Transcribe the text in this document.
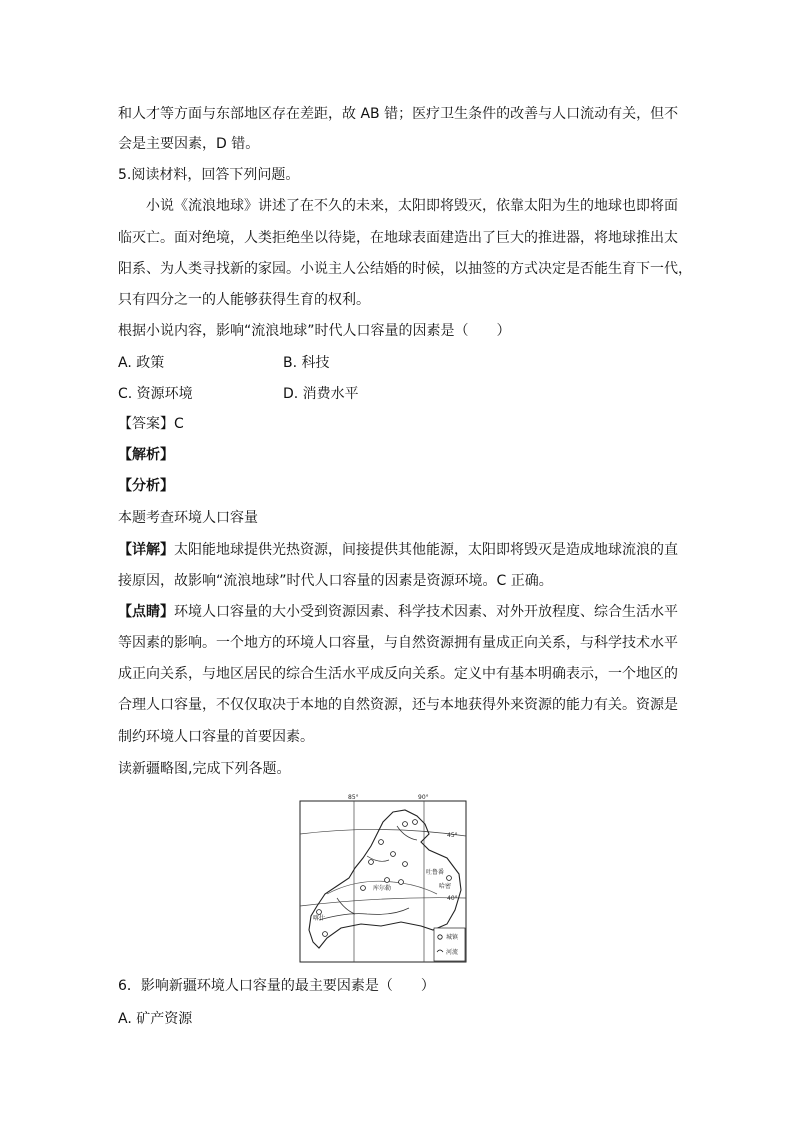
和人才等方面与东部地区存在差距，故 AB 错；医疗卫生条件的改善与人口流动有关，但不
会是主要因素，D 错。
5.阅读材料，回答下列问题。
小说《流浪地球》讲述了在不久的未来，太阳即将毁灭，依靠太阳为生的地球也即将面
临灭亡。面对绝境，人类拒绝坐以待毙，在地球表面建造出了巨大的推进器，将地球推出太
阳系、为人类寻找新的家园。小说主人公结婚的时候，以抽签的方式决定是否能生育下一代，
只有四分之一的人能够获得生育的权利。
根据小说内容，影响“流浪地球”时代人口容量的因素是（　　）
A. 政策	B. 科技
C. 资源环境	D. 消费水平
【答案】C
【解析】
【分析】
本题考查环境人口容量
【详解】太阳能地球提供光热资源，间接提供其他能源，太阳即将毁灭是造成地球流浪的直
接原因，故影响“流浪地球”时代人口容量的因素是资源环境。C 正确。
【点睛】环境人口容量的大小受到资源因素、科学技术因素、对外开放程度、综合生活水平
等因素的影响。一个地方的环境人口容量，与自然资源拥有量成正向关系，与科学技术水平
成正向关系，与地区居民的综合生活水平成反向关系。定义中有基本明确表示，一个地区的
合理人口容量，不仅仅取决于本地的自然资源，还与本地获得外来资源的能力有关。资源是
制约环境人口容量的首要因素。
读新疆略图,完成下列各题。
85°	90°
45°
40°
吐鲁番
哈密
库尔勒
喀什
城镇
河流
6．影响新疆环境人口容量的最主要因素是（　　）
A. 矿产资源
